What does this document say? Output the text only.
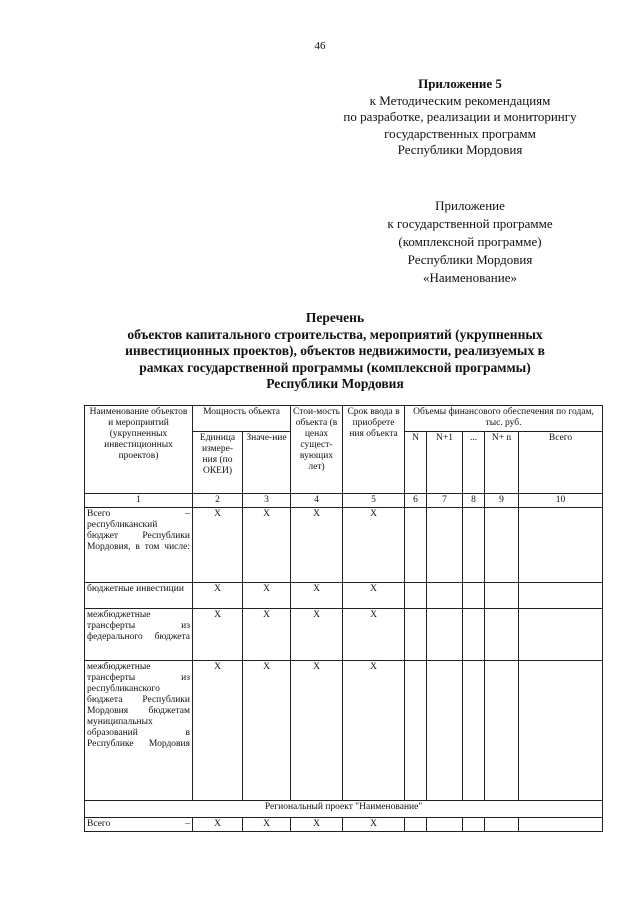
46
Приложение 5
к Методическим рекомендациям
по разработке, реализации и мониторингу
государственных программ
Республики Мордовия
Приложение
к государственной программе
(комплексной программе)
Республики Мордовия
«Наименование»
Перечень
объектов капитального строительства, мероприятий (укрупненных
инвестиционных проектов), объектов недвижимости, реализуемых в
рамках государственной программы (комплексной программы)
Республики Мордовия
Наименование объектов и мероприятий (укрупненных инвестиционных проектов)	Мощность объекта		Стои-мость объекта (в ценах сущест-вующих лет)	Срок ввода в приобрете ния объекта	Объемы финансового обеспечения по годам, тыс. руб.				
	Единица измере-ния (по ОКЕИ)	Значе-ние			N	N+1	...	N+ n	Всего
1	2	3	4	5	6	7	8	9	10
Всего – республиканский бюджет Республики Мордовия, в том числе:	X	X	X	X					
бюджетные инвестиции	X	X	X	X					
межбюджетные трансферты из федерального бюджета	X	X	X	X					
межбюджетные трансферты из республиканского бюджета Республики Мордовия бюджетам муниципальных образований в Республике Мордовия	X	X	X	X					
Региональный проект "Наименование"									
Всего –	X	X	X	X					
